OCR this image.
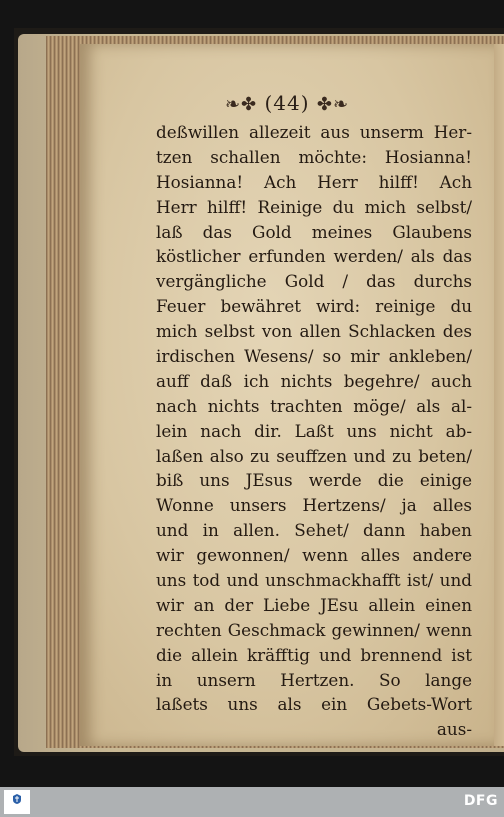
❧✤ (44) ✤❧
deßwillen allezeit aus unserm Her-
tzen schallen möchte: Hosianna!
Hosianna! Ach Herr hilff! Ach
Herr hilff! Reinige du mich selbst/
laß das Gold meines Glaubens
köstlicher erfunden werden/ als das
vergängliche Gold / das durchs
Feuer bewähret wird: reinige du
mich selbst von allen Schlacken des
irdischen Wesens/ so mir ankleben/
auff daß ich nichts begehre/ auch
nach nichts trachten möge/ als al-
lein nach dir. Laßt uns nicht ab-
laßen also zu seuffzen und zu beten/
biß uns JEsus werde die einige
Wonne unsers Hertzens/ ja alles
und in allen. Sehet/ dann haben
wir gewonnen/ wenn alles andere
uns tod und unschmackhafft ist/ und
wir an der Liebe JEsu allein einen
rechten Geschmack gewinnen/ wenn
die allein kräfftig und brennend ist
in unsern Hertzen. So lange
laßets uns als ein Gebets-Wort
aus-
DFG
